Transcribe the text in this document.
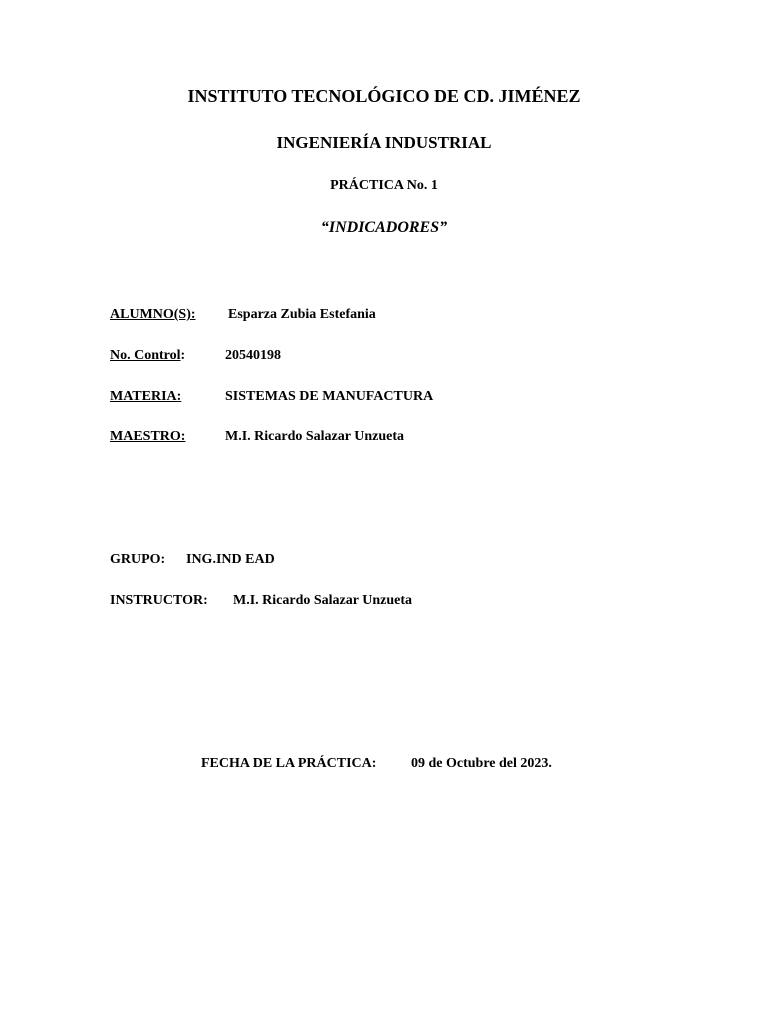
INSTITUTO TECNOLÓGICO DE CD. JIMÉNEZ
INGENIERÍA INDUSTRIAL
PRÁCTICA No. 1
“INDICADORES”
ALUMNO(S): Esparza Zubia Estefania
No. Control:	20540198
MATERIA:	SISTEMAS DE MANUFACTURA
MAESTRO:	M.I. Ricardo Salazar Unzueta
GRUPO: ING.IND EAD
INSTRUCTOR: M.I. Ricardo Salazar Unzueta
FECHA DE LA PRÁCTICA: 09 de Octubre del 2023.
